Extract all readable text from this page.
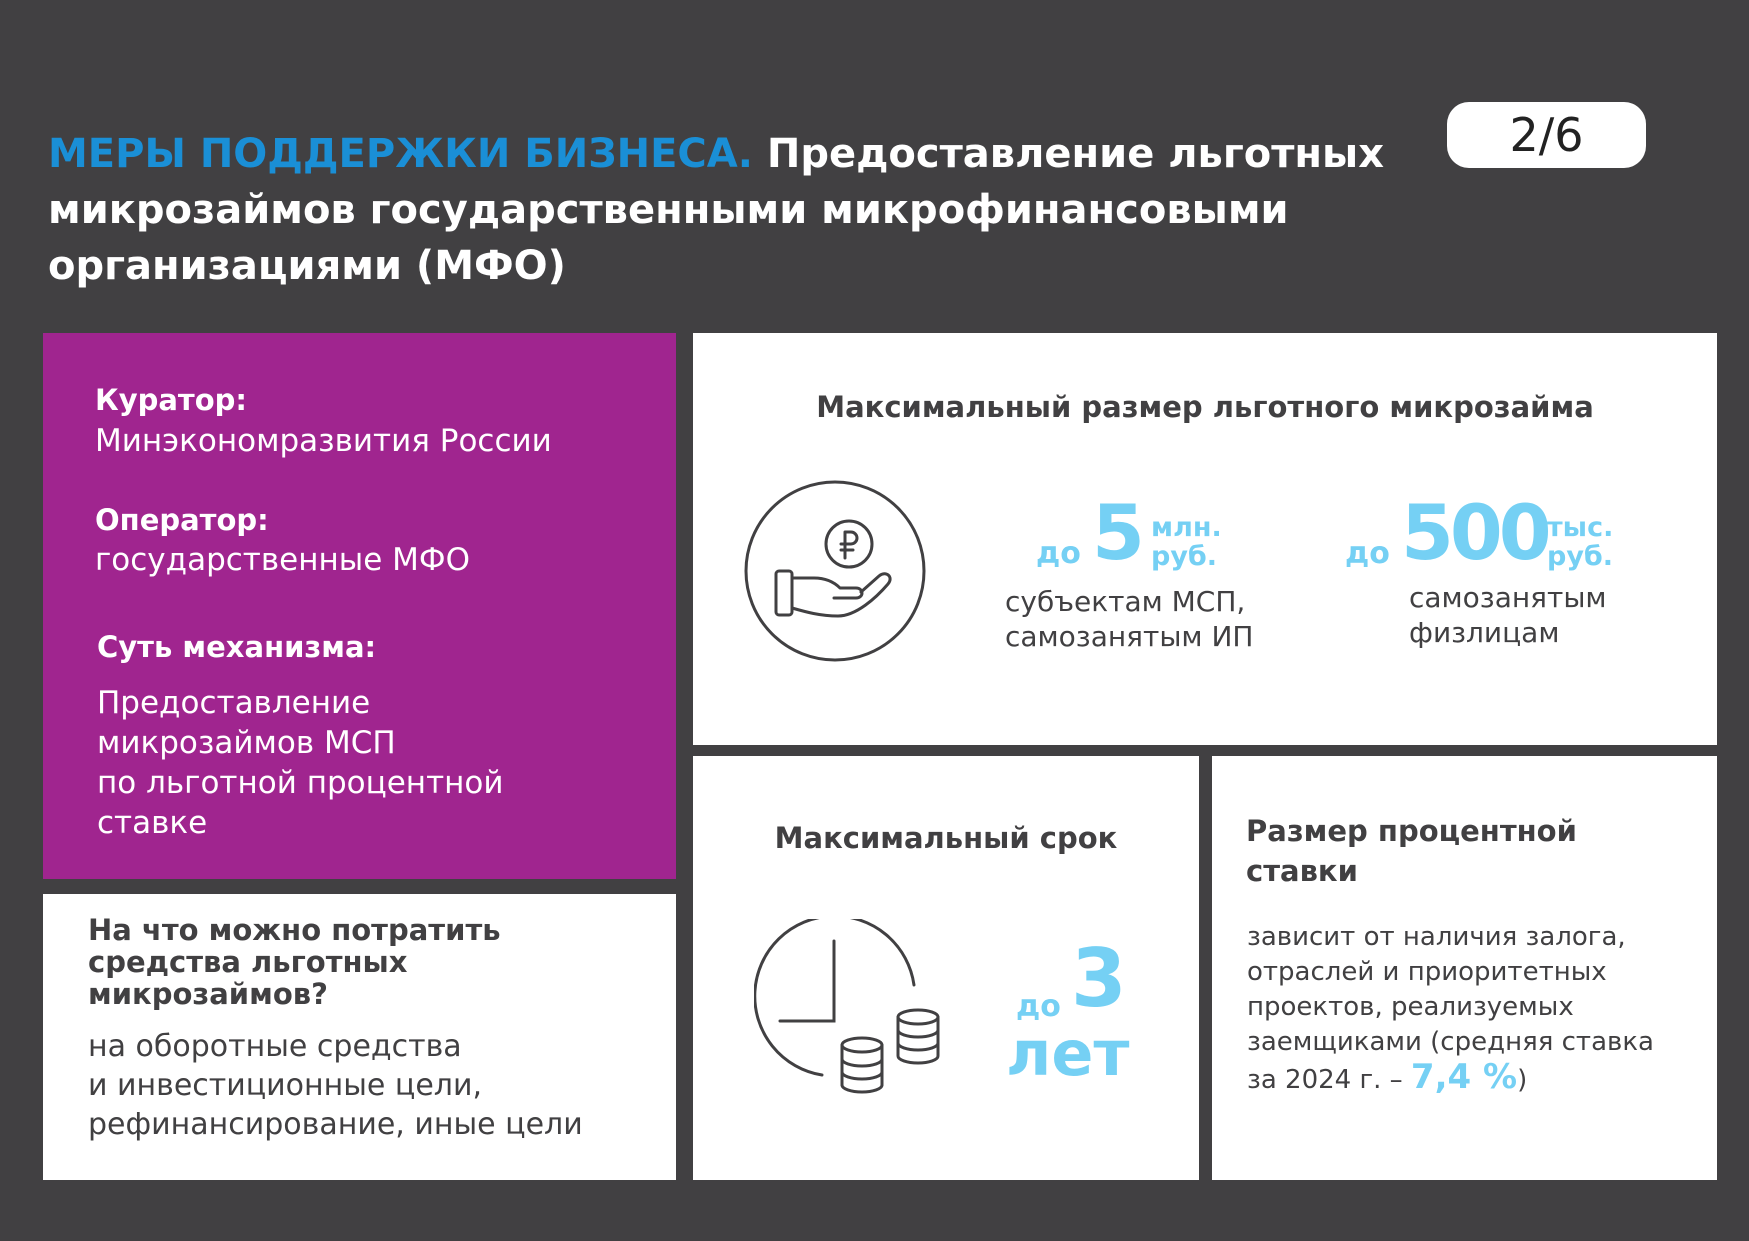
МЕРЫ ПОДДЕРЖКИ БИЗНЕСА. Предоставление льготных микрозаймов государственными микрофинансовыми организациями (МФО)
2/6
Куратор:
Минэкономразвития России
Оператор:
государственные МФО
Суть механизма:
Предоставление
микрозаймов МСП
по льготной процентной
ставке
На что можно потратить
средства льготных
микрозаймов?
на оборотные средства
и инвестиционные цели,
рефинансирование, иные цели
Максимальный размер льготного микрозайма
до 5 млн.
руб.
субъектам МСП,
самозанятым ИП
до 500 тыс.
руб.
самозанятым
физлицам
Максимальный срок
до 3
лет
Размер процентной
ставки
зависит от наличия залога,
отраслей и приоритетных
проектов, реализуемых
заемщиками (средняя ставка
за 2024 г. – 7,4 %)
